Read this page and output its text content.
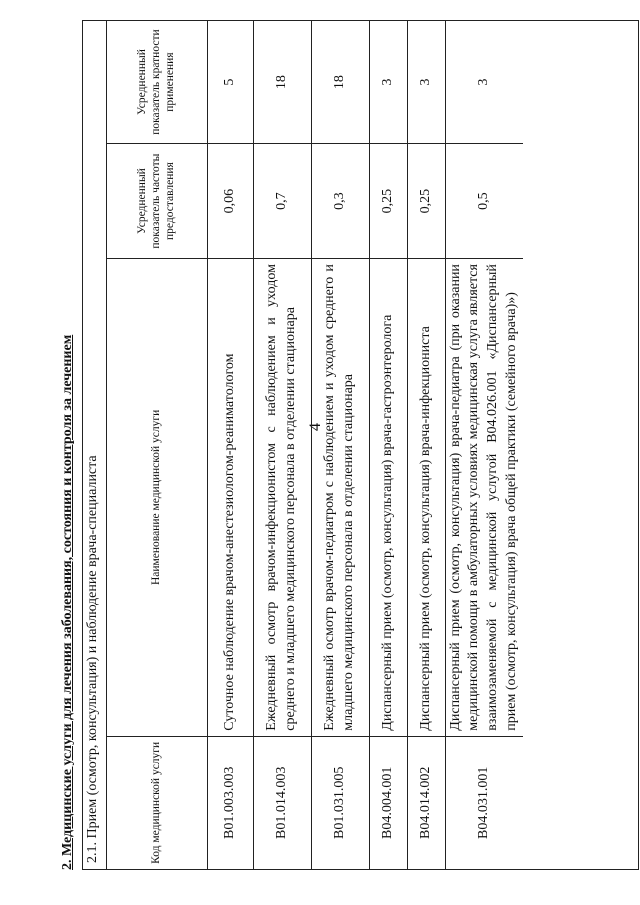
4
2. Медицинские услуги для лечения заболевания, состояния и контроля за лечением 2.1. Прием (осмотр, консультация) и наблюдение врача-специалиста	Код медицинской услуги	Наименование медицинской услуги	Усредненный показатель частоты предоставления	Усредненный показатель кратности применения
B01.003.003	Суточное наблюдение врачом-анестезиологом-реаниматологом	0,06	5
B01.014.003	Ежедневный осмотр врачом-инфекционистом с наблюдением и уходом среднего и младшего медицинского персонала в отделении стационара	0,7	18
B01.031.005	Ежедневный осмотр врачом-педиатром с наблюдением и уходом среднего и младшего медицинского персонала в отделении стационара	0,3	18
B04.004.001	Диспансерный прием (осмотр, консультация) врача-гастроэнтеролога	0,25	3
B04.014.002	Диспансерный прием (осмотр, консультация) врача-инфекциониста	0,25	3
B04.031.001	Диспансерный прием (осмотр, консультация) врача-педиатра (при оказании медицинской помощи в амбулаторных условиях медицинская услуга является взаимозаменяемой с медицинской услугой B04.026.001 «Диспансерный прием (осмотр, консультация) врача общей практики (семейного врача)»)	0,5	3
